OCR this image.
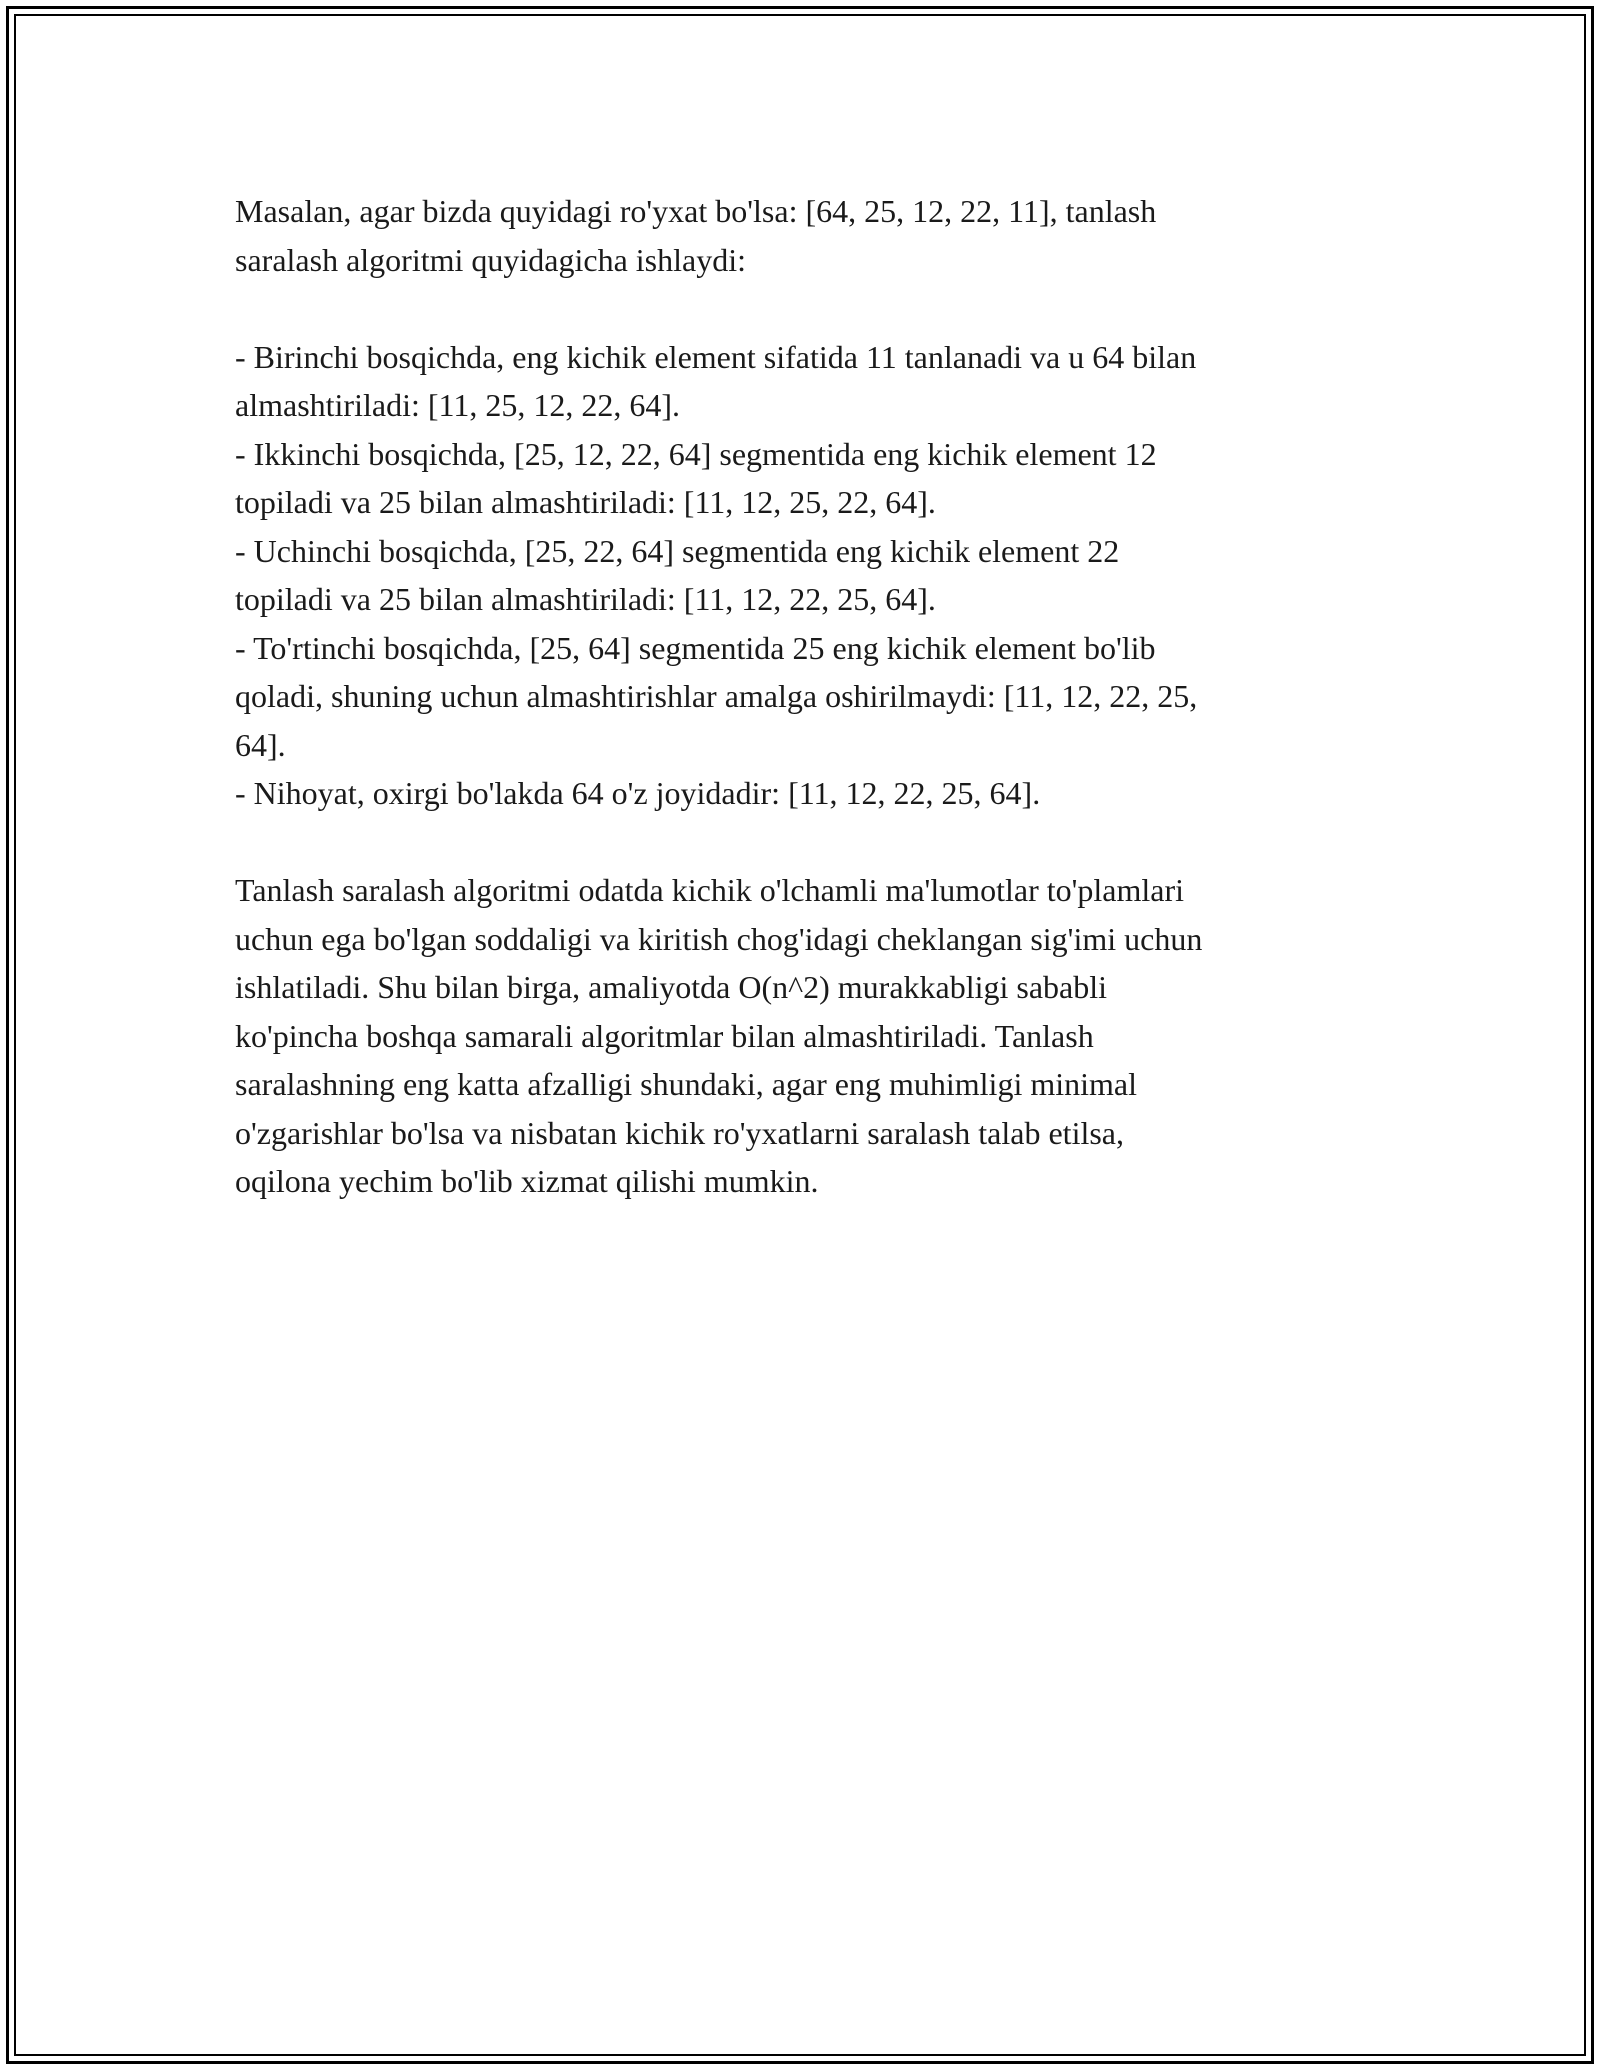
Masalan, agar bizda quyidagi ro'yxat bo'lsa: [64, 25, 12, 22, 11], tanlash
saralash algoritmi quyidagicha ishlaydi:

- Birinchi bosqichda, eng kichik element sifatida 11 tanlanadi va u 64 bilan
almashtiriladi: [11, 25, 12, 22, 64].
- Ikkinchi bosqichda, [25, 12, 22, 64] segmentida eng kichik element 12
topiladi va 25 bilan almashtiriladi: [11, 12, 25, 22, 64].
- Uchinchi bosqichda, [25, 22, 64] segmentida eng kichik element 22
topiladi va 25 bilan almashtiriladi: [11, 12, 22, 25, 64].
- To'rtinchi bosqichda, [25, 64] segmentida 25 eng kichik element bo'lib
qoladi, shuning uchun almashtirishlar amalga oshirilmaydi: [11, 12, 22, 25,
64].
- Nihoyat, oxirgi bo'lakda 64 o'z joyidadir: [11, 12, 22, 25, 64].

Tanlash saralash algoritmi odatda kichik o'lchamli ma'lumotlar to'plamlari
uchun ega bo'lgan soddaligi va kiritish chog'idagi cheklangan sig'imi uchun
ishlatiladi. Shu bilan birga, amaliyotda O(n^2) murakkabligi sababli
ko'pincha boshqa samarali algoritmlar bilan almashtiriladi. Tanlash
saralashning eng katta afzalligi shundaki, agar eng muhimligi minimal
o'zgarishlar bo'lsa va nisbatan kichik ro'yxatlarni saralash talab etilsa,
oqilona yechim bo'lib xizmat qilishi mumkin.
